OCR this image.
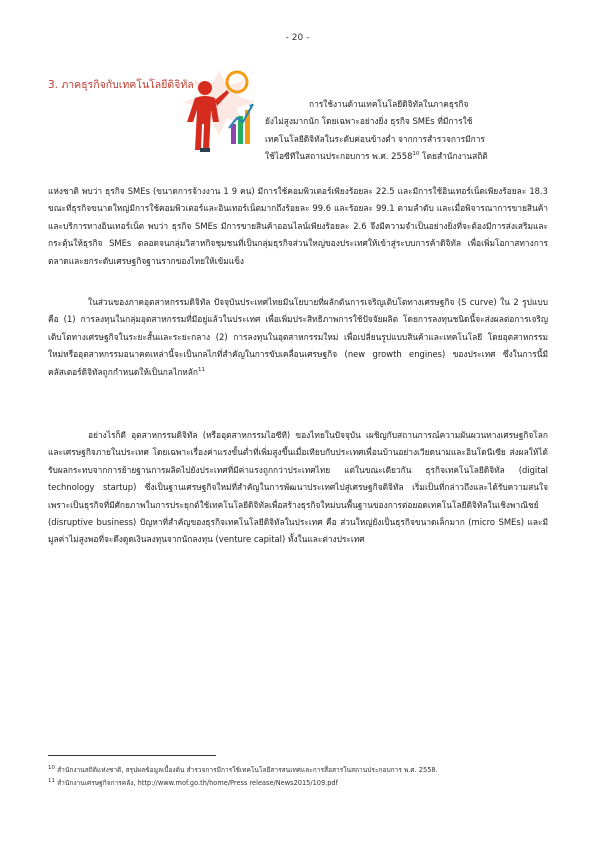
- 20 -
3. ภาคธุรกิจกับเทคโนโลยีดิจิทัล
การใช้งานด้านเทคโนโลยีดิจิทัลในภาคธุรกิจ
ยังไม่สูงมากนัก โดยเฉพาะอย่างยิ่ง ธุรกิจ SMEs ที่มีการใช้
เทคโนโลยีดิจิทัลในระดับค่อนข้างต่ำ จากการสำรวจการมีการ
ใช้ไอซีทีในสถานประกอบการ พ.ศ. 2558$^{10}$ โดยสำนักงานสถิติ

แห่งชาติ พบว่า ธุรกิจ SMEs (ขนาดการจ้างงาน 1 9 คน) มีการใช้คอมพิวเตอร์เพียงร้อยละ 22.5 และมีการใช้อินเทอร์เน็ตเพียงร้อยละ 18.3 ขณะที่ธุรกิจขนาดใหญ่มีการใช้คอมพิวเตอร์และอินเทอร์เน็ตมากถึงร้อยละ 99.6 และร้อยละ 99.1 ตามลำดับ และเมื่อพิจารณาการขายสินค้าและบริการทางอินเทอร์เน็ต พบว่า ธุรกิจ SMEs มีการขายสินค้าออนไลน์เพียงร้อยละ 2.6 จึงมีความจำเป็นอย่างยิ่งที่จะต้องมีการส่งเสริมและกระตุ้นให้ธุรกิจ SMEs ตลอดจนกลุ่มวิสาหกิจชุมชนที่เป็นกลุ่มธุรกิจส่วนใหญ่ของประเทศให้เข้าสู่ระบบการค้าดิจิทัล เพื่อเพิ่มโอกาสทางการตลาดและยกระดับเศรษฐกิจฐานรากของไทยให้เข้มแข็ง

ในส่วนของภาคอุตสาหกรรมดิจิทัล ปัจจุบันประเทศไทยมีนโยบายที่ผลักดันการเจริญเติบโตทางเศรษฐกิจ (S curve) ใน 2 รูปแบบ คือ (1) การลงทุนในกลุ่มอุตสาหกรรมที่มีอยู่แล้วในประเทศ เพื่อเพิ่มประสิทธิภาพการใช้ปัจจัยผลิต โดยการลงทุนชนิดนี้จะส่งผลต่อการเจริญเติบโตทางเศรษฐกิจในระยะสั้นและระยะกลาง (2) การลงทุนในอุตสาหกรรมใหม่ เพื่อเปลี่ยนรูปแบบสินค้าและเทคโนโลยี โดยอุตสาหกรรมใหม่หรืออุตสาหกรรมอนาคตเหล่านี้จะเป็นกลไกที่สำคัญในการขับเคลื่อนเศรษฐกิจ (new growth engines) ของประเทศ ซึ่งในการนี้มีคลัสเตอร์ดิจิทัลถูกกำหนดให้เป็นกลไกหลัก$^{11}$

อย่างไรก็ดี อุตสาหกรรมดิจิทัล (หรืออุตสาหกรรมไอซีที) ของไทยในปัจจุบัน เผชิญกับสถานการณ์ความผันผวนทางเศรษฐกิจโลกและเศรษฐกิจภายในประเทศ โดยเฉพาะเรื่องค่าแรงขั้นต่ำที่เพิ่มสูงขึ้นเมื่อเทียบกับประเทศเพื่อนบ้านอย่างเวียดนามและอินโดนีเซีย ส่งผลให้ได้รับผลกระทบจากการย้ายฐานการผลิตไปยังประเทศที่มีค่าแรงถูกกว่าประเทศไทย แต่ในขณะเดียวกัน ธุรกิจเทคโนโลยีดิจิทัล (digital technology startup) ซึ่งเป็นฐานเศรษฐกิจใหม่ที่สำคัญในการพัฒนาประเทศไปสู่เศรษฐกิจดิจิทัล เริ่มเป็นที่กล่าวถึงและได้รับความสนใจ เพราะเป็นธุรกิจที่มีศักยภาพในการประยุกต์ใช้เทคโนโลยีดิจิทัลเพื่อสร้างธุรกิจใหม่บนพื้นฐานของการต่อยอดเทคโนโลยีดิจิทัลในเชิงพาณิชย์ (disruptive business) ปัญหาที่สำคัญของธุรกิจเทคโนโลยีดิจิทัลในประเทศ คือ ส่วนใหญ่ยังเป็นธุรกิจขนาดเล็กมาก (micro SMEs) และมีมูลค่าไม่สูงพอที่จะดึงดูดเงินลงทุนจากนักลงทุน (venture capital) ทั้งในและต่างประเทศ

$^{10}$ สำนักงานสถิติแห่งชาติ, สรุปผลข้อมูลเบื้องต้น สำรวจการมีการใช้เทคโนโลยีสารสนเทศและการสื่อสารในสถานประกอบการ พ.ศ. 2558.

$^{11}$ สำนักงานเศรษฐกิจการคลัง, http://www.mof.go.th/home/Press release/News2015/109.pdf
